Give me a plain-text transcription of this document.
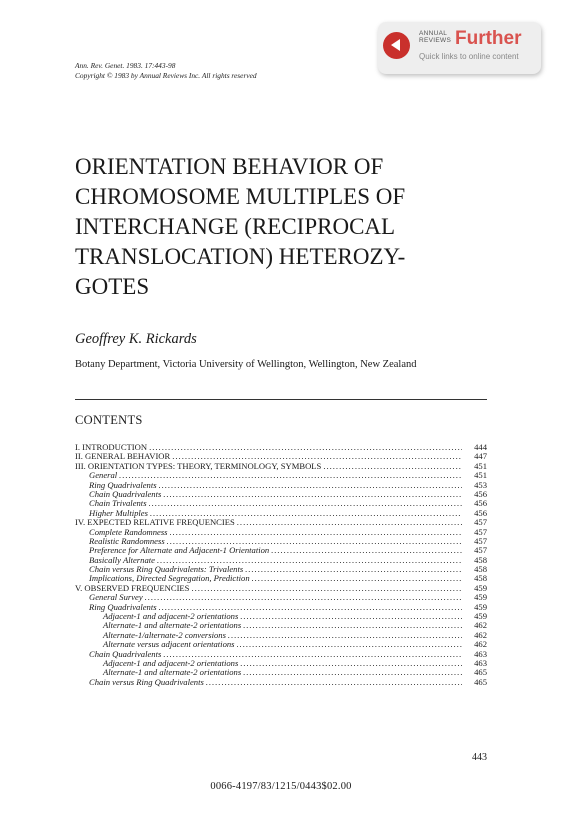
Ann. Rev. Genet. 1983. 17:443-98
Copyright © 1983 by Annual Reviews Inc. All rights reserved
ANNUAL
REVIEWS Further
Quick links to online content
ORIENTATION BEHAVIOR OF CHROMOSOME MULTIPLES OF INTERCHANGE (RECIPROCAL TRANSLOCATION) HETEROZY-GOTES
Geoffrey K. Rickards
Botany Department, Victoria University of Wellington, Wellington, New Zealand
CONTENTS
I. INTRODUCTION .....	444
II. GENERAL BEHAVIOR .....	447
III. ORIENTATION TYPES: THEORY, TERMINOLOGY, SYMBOLS .....	451
General .....	451
Ring Quadrivalents .....	453
Chain Quadrivalents .....	456
Chain Trivalents .....	456
Higher Multiples .....	456
IV. EXPECTED RELATIVE FREQUENCIES .....	457
Complete Randomness .....	457
Realistic Randomness .....	457
Preference for Alternate and Adjacent-1 Orientation .....	457
Basically Alternate .....	458
Chain versus Ring Quadrivalents: Trivalents .....	458
Implications, Directed Segregation, Prediction .....	458
V. OBSERVED FREQUENCIES .....	459
General Survey .....	459
Ring Quadrivalents .....	459
Adjacent-1 and adjacent-2 orientations .....	459
Alternate-1 and alternate-2 orientations .....	462
Alternate-1/alternate-2 conversions .....	462
Alternate versus adjacent orientations .....	462
Chain Quadrivalents .....	463
Adjacent-1 and adjacent-2 orientations .....	463
Alternate-1 and alternate-2 orientations .....	465
Chain versus Ring Quadrivalents .....	465
443
0066-4197/83/1215/0443$02.00
